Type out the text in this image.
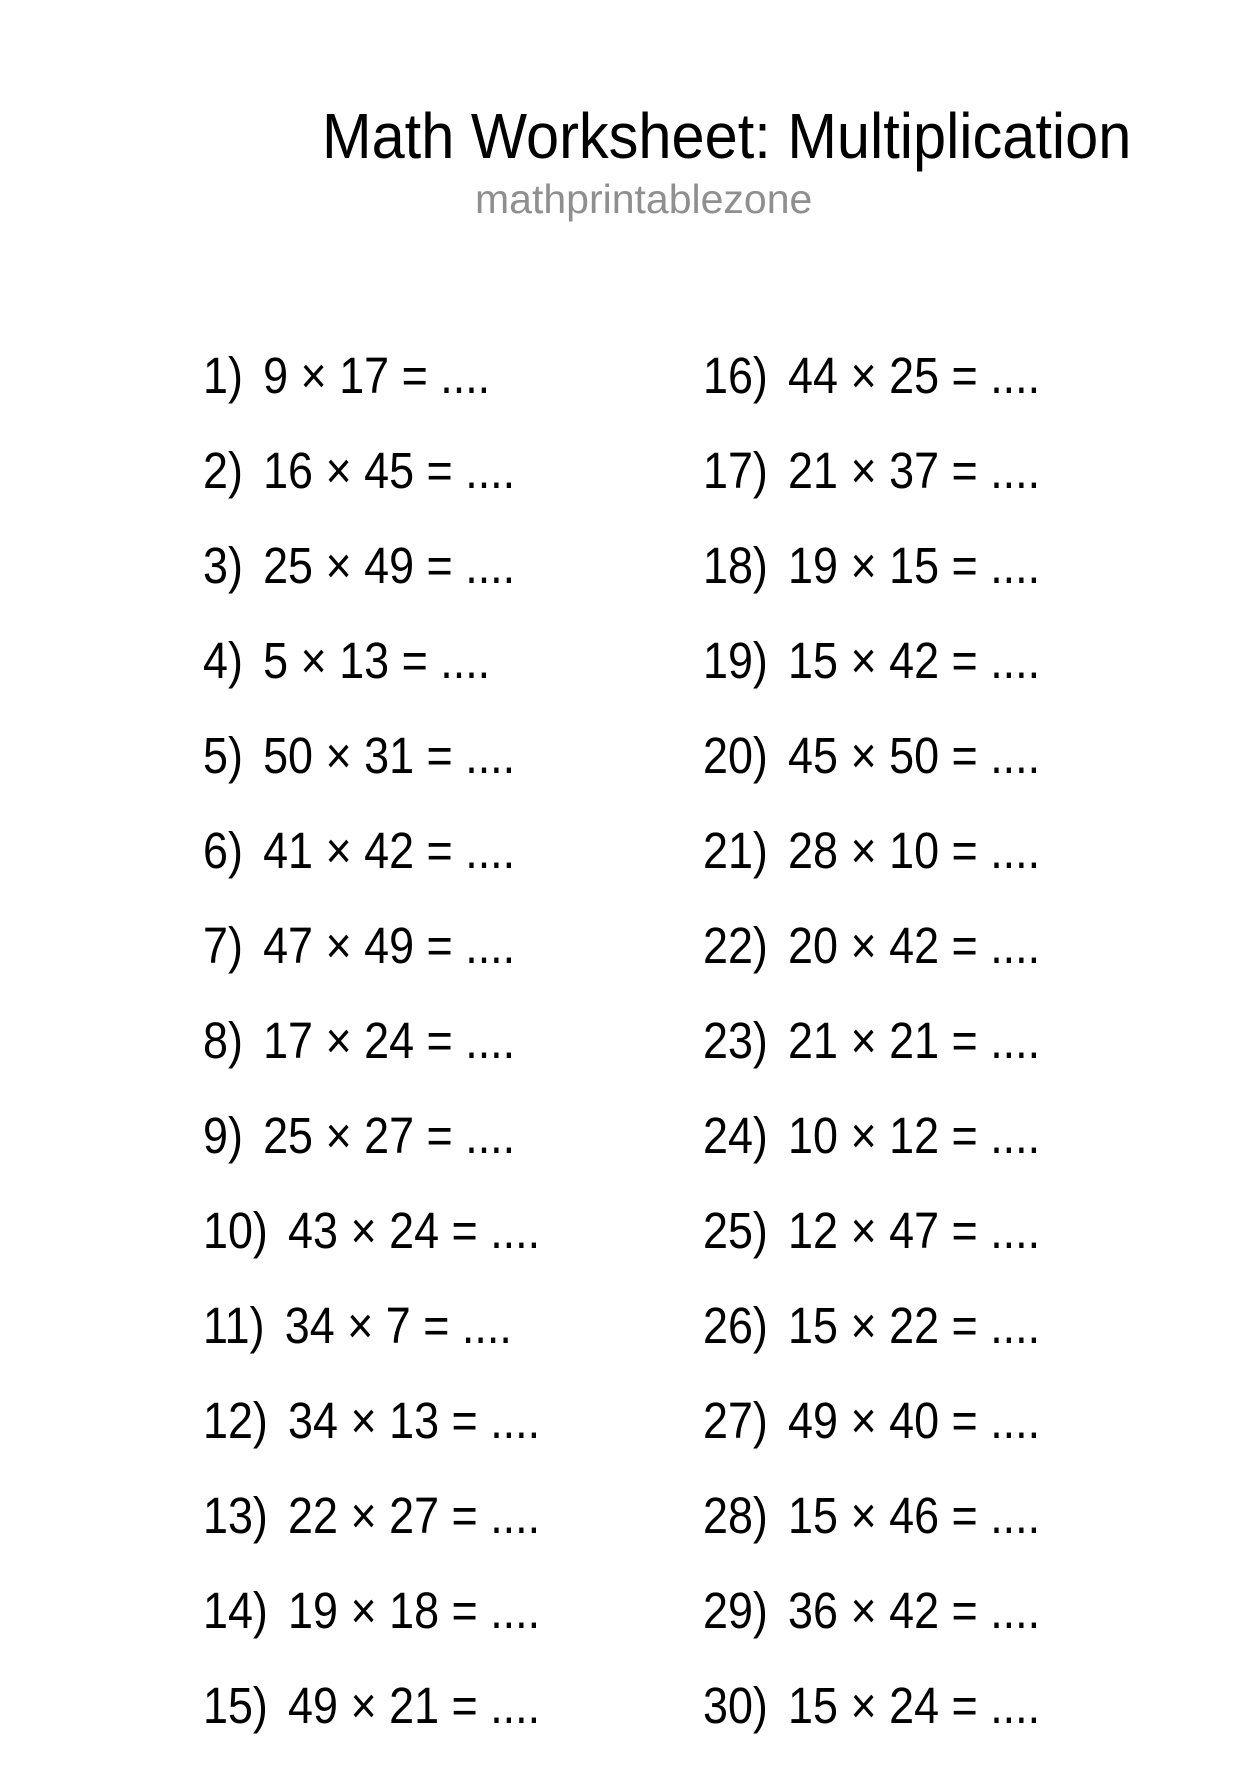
Math Worksheet: Multiplication
mathprintablezone
1) 9 × 17 = ....
2) 16 × 45 = ....
3) 25 × 49 = ....
4) 5 × 13 = ....
5) 50 × 31 = ....
6) 41 × 42 = ....
7) 47 × 49 = ....
8) 17 × 24 = ....
9) 25 × 27 = ....
10) 43 × 24 = ....
11) 34 × 7 = ....
12) 34 × 13 = ....
13) 22 × 27 = ....
14) 19 × 18 = ....
15) 49 × 21 = ....
16) 44 × 25 = ....
17) 21 × 37 = ....
18) 19 × 15 = ....
19) 15 × 42 = ....
20) 45 × 50 = ....
21) 28 × 10 = ....
22) 20 × 42 = ....
23) 21 × 21 = ....
24) 10 × 12 = ....
25) 12 × 47 = ....
26) 15 × 22 = ....
27) 49 × 40 = ....
28) 15 × 46 = ....
29) 36 × 42 = ....
30) 15 × 24 = ....
